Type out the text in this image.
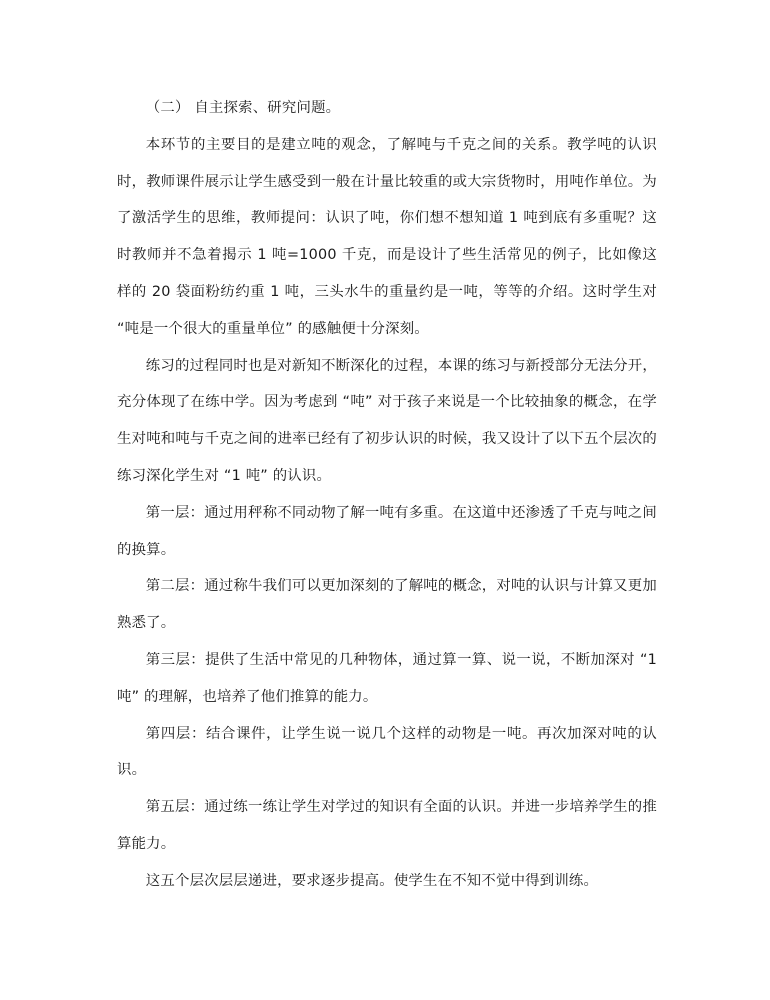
（二） 自主探索、研究问题。

本环节的主要目的是建立吨的观念，了解吨与千克之间的关系。教学吨的认识时，教师课件展示让学生感受到一般在计量比较重的或大宗货物时，用吨作单位。为了激活学生的思维，教师提问：认识了吨，你们想不想知道 1 吨到底有多重呢？这时教师并不急着揭示 1 吨=1000 千克，而是设计了些生活常见的例子，比如像这样的 20 袋面粉纺约重 1 吨，三头水牛的重量约是一吨，等等的介绍。这时学生对 “吨是一个很大的重量单位” 的感触便十分深刻。

练习的过程同时也是对新知不断深化的过程，本课的练习与新授部分无法分开，充分体现了在练中学。因为考虑到 “吨” 对于孩子来说是一个比较抽象的概念，在学生对吨和吨与千克之间的进率已经有了初步认识的时候，我又设计了以下五个层次的练习深化学生对 “1 吨” 的认识。

第一层：通过用秤称不同动物了解一吨有多重。在这道中还渗透了千克与吨之间的换算。

第二层：通过称牛我们可以更加深刻的了解吨的概念，对吨的认识与计算又更加熟悉了。

第三层：提供了生活中常见的几种物体，通过算一算、说一说，不断加深对 “1 吨” 的理解，也培养了他们推算的能力。

第四层：结合课件，让学生说一说几个这样的动物是一吨。再次加深对吨的认识。

第五层：通过练一练让学生对学过的知识有全面的认识。并进一步培养学生的推算能力。

这五个层次层层递进，要求逐步提高。使学生在不知不觉中得到训练。
